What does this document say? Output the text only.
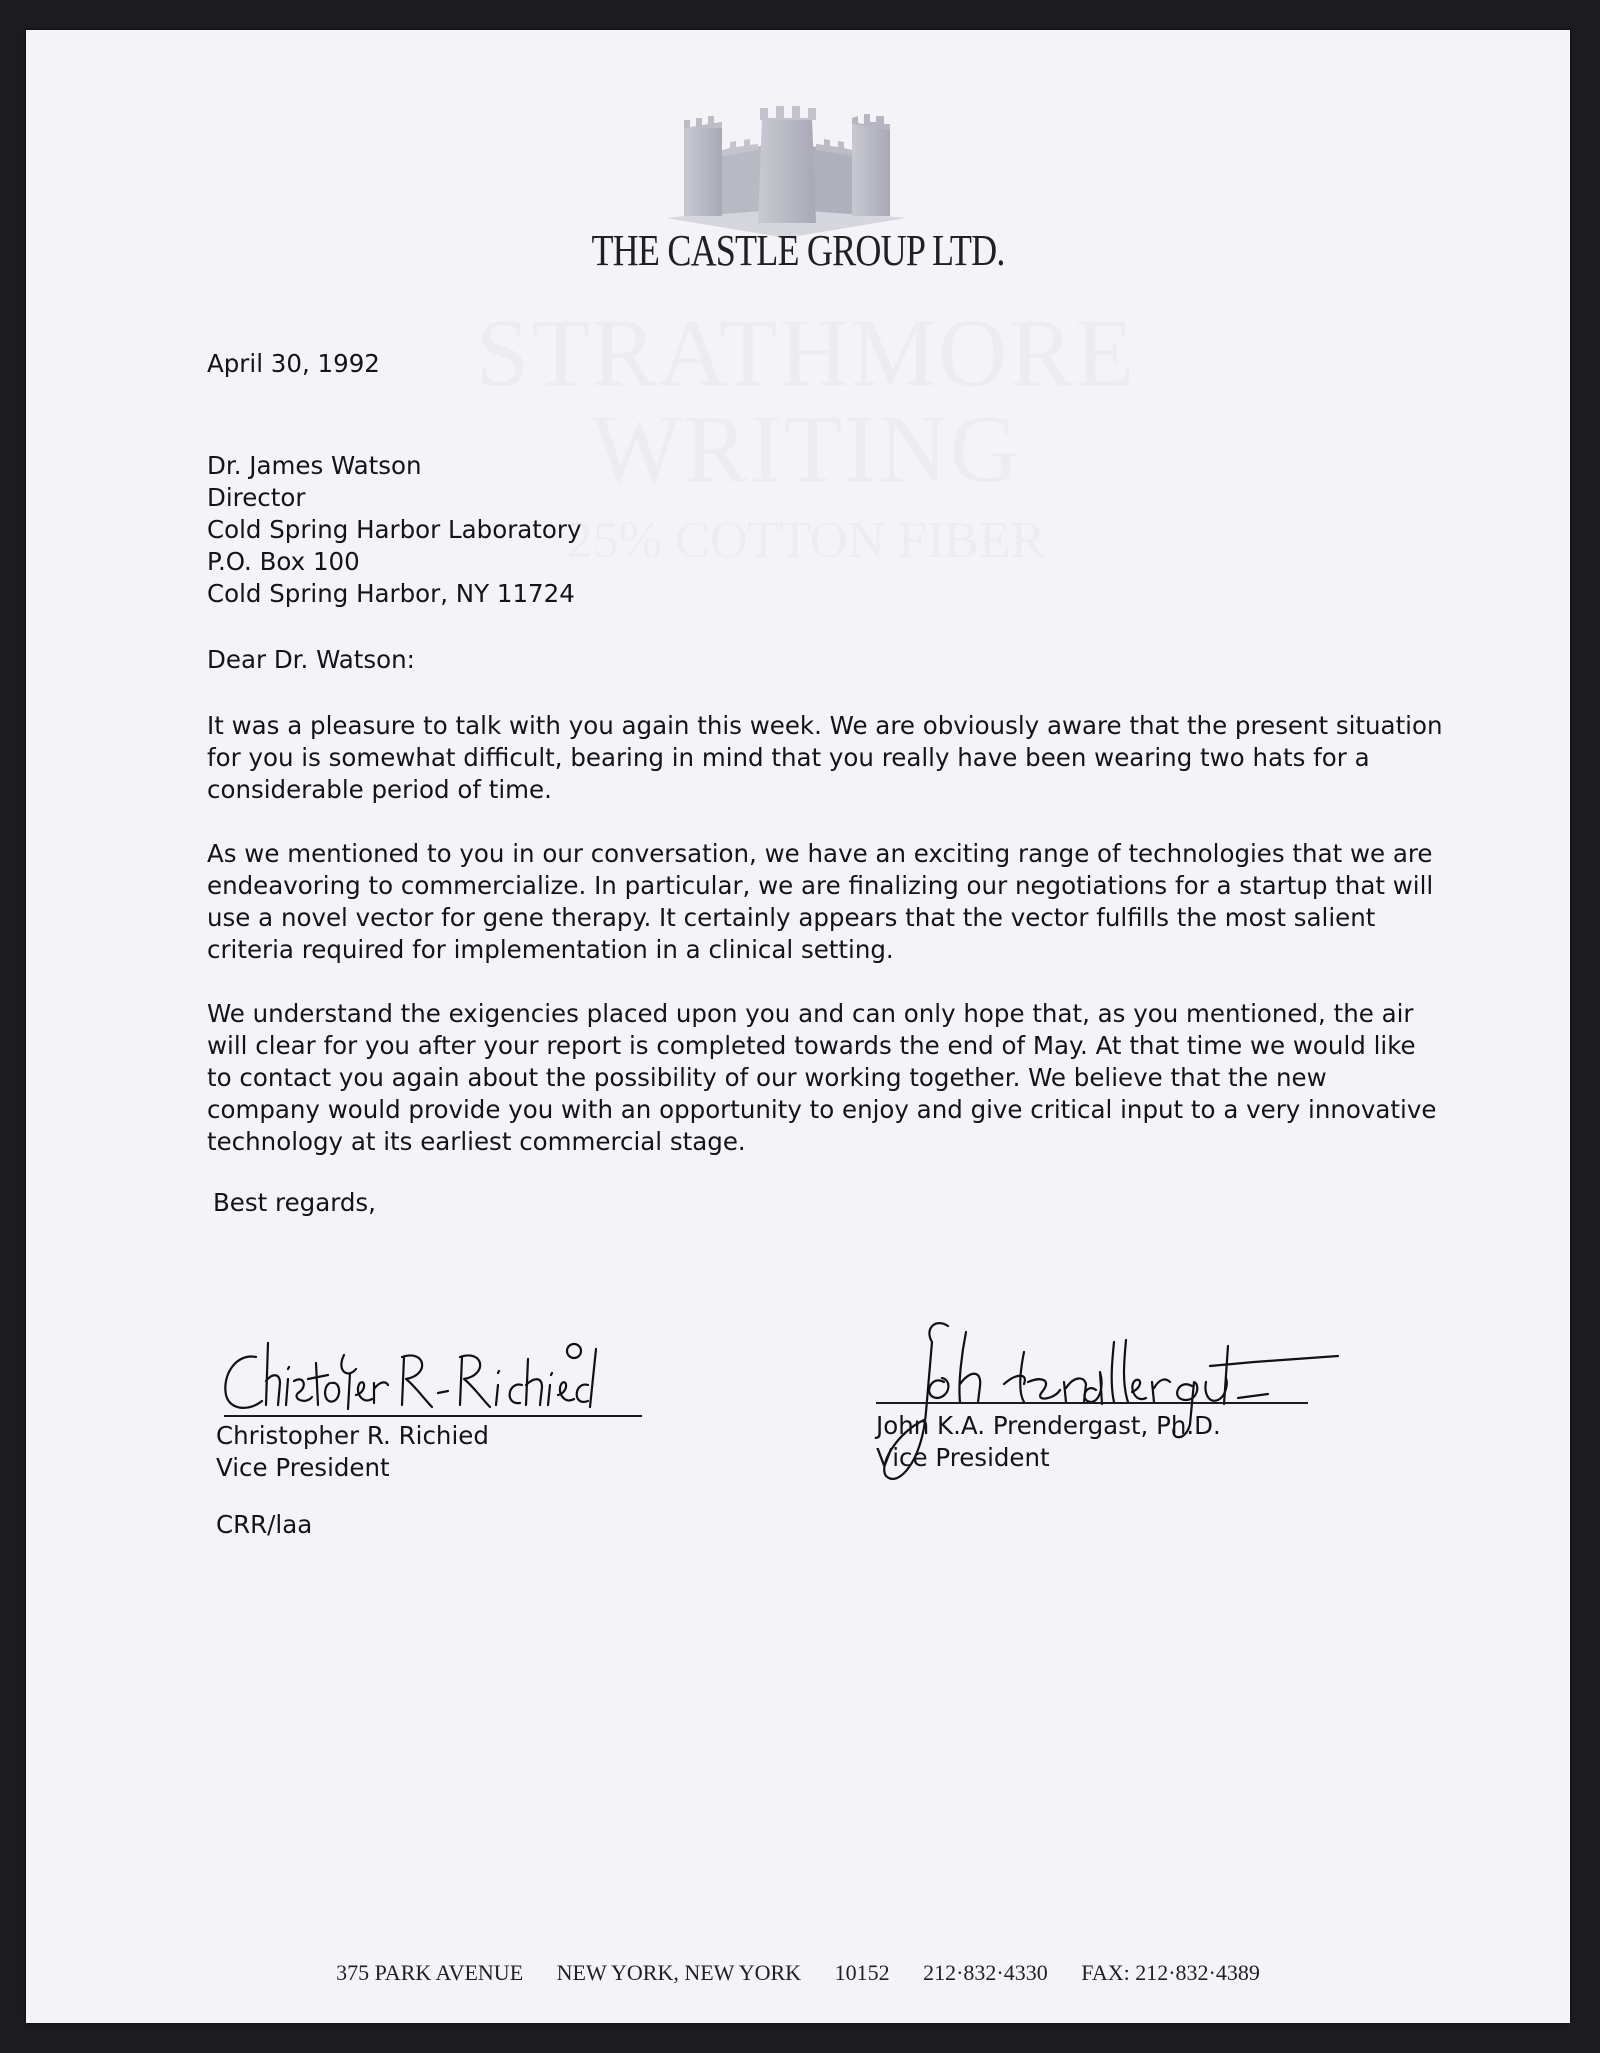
STRATHMORE WRITING
25% COTTON FIBER
THE CASTLE GROUP LTD.

April 30, 1992

Dr. James Watson

Director

Cold Spring Harbor Laboratory

P.O. Box 100

Cold Spring Harbor, NY 11724

Dear Dr. Watson:

It was a pleasure to talk with you again this week. We are obviously aware that the present situation for you is somewhat difficult, bearing in mind that you really have been wearing two hats for a considerable period of time.

As we mentioned to you in our conversation, we have an exciting range of technologies that we are endeavoring to commercialize. In particular, we are finalizing our negotiations for a startup that will use a novel vector for gene therapy. It certainly appears that the vector fulfills the most salient criteria required for implementation in a clinical setting.

We understand the exigencies placed upon you and can only hope that, as you mentioned, the air will clear for you after your report is completed towards the end of May. At that time we would like to contact you again about the possibility of our working together. We believe that the new company would provide you with an opportunity to enjoy and give critical input to a very innovative technology at its earliest commercial stage.

Best regards,
Christopher R. Richied
Vice President
John K.A. Prendergast, Ph.D.
Vice President
CRR/laa
375 PARK AVENUE NEW YORK, NEW YORK 10152 212·832·4330 FAX: 212·832·4389
